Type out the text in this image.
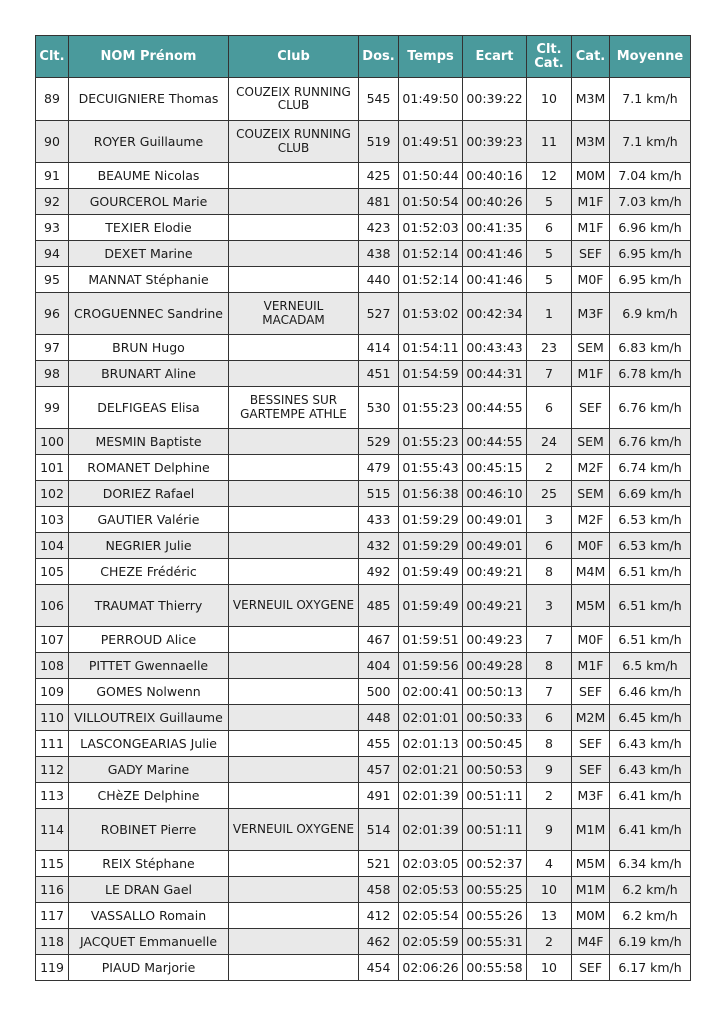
Clt.	NOM Prénom	Club	Dos.	Temps	Ecart	Clt. Cat.	Cat.	Moyenne
89	DECUIGNIERE Thomas	COUZEIX RUNNING CLUB	545	01:49:50	00:39:22	10	M3M	7.1 km/h
90	ROYER Guillaume	COUZEIX RUNNING CLUB	519	01:49:51	00:39:23	11	M3M	7.1 km/h
91	BEAUME Nicolas		425	01:50:44	00:40:16	12	M0M	7.04 km/h
92	GOURCEROL Marie		481	01:50:54	00:40:26	5	M1F	7.03 km/h
93	TEXIER Elodie		423	01:52:03	00:41:35	6	M1F	6.96 km/h
94	DEXET Marine		438	01:52:14	00:41:46	5	SEF	6.95 km/h
95	MANNAT Stéphanie		440	01:52:14	00:41:46	5	M0F	6.95 km/h
96	CROGUENNEC Sandrine	VERNEUIL MACADAM	527	01:53:02	00:42:34	1	M3F	6.9 km/h
97	BRUN Hugo		414	01:54:11	00:43:43	23	SEM	6.83 km/h
98	BRUNART Aline		451	01:54:59	00:44:31	7	M1F	6.78 km/h
99	DELFIGEAS Elisa	BESSINES SUR GARTEMPE ATHLE	530	01:55:23	00:44:55	6	SEF	6.76 km/h
100	MESMIN Baptiste		529	01:55:23	00:44:55	24	SEM	6.76 km/h
101	ROMANET Delphine		479	01:55:43	00:45:15	2	M2F	6.74 km/h
102	DORIEZ Rafael		515	01:56:38	00:46:10	25	SEM	6.69 km/h
103	GAUTIER Valérie		433	01:59:29	00:49:01	3	M2F	6.53 km/h
104	NEGRIER Julie		432	01:59:29	00:49:01	6	M0F	6.53 km/h
105	CHEZE Frédéric		492	01:59:49	00:49:21	8	M4M	6.51 km/h
106	TRAUMAT Thierry	VERNEUIL OXYGENE	485	01:59:49	00:49:21	3	M5M	6.51 km/h
107	PERROUD Alice		467	01:59:51	00:49:23	7	M0F	6.51 km/h
108	PITTET Gwennaelle		404	01:59:56	00:49:28	8	M1F	6.5 km/h
109	GOMES Nolwenn		500	02:00:41	00:50:13	7	SEF	6.46 km/h
110	VILLOUTREIX Guillaume		448	02:01:01	00:50:33	6	M2M	6.45 km/h
111	LASCONGEARIAS Julie		455	02:01:13	00:50:45	8	SEF	6.43 km/h
112	GADY Marine		457	02:01:21	00:50:53	9	SEF	6.43 km/h
113	CHèZE Delphine		491	02:01:39	00:51:11	2	M3F	6.41 km/h
114	ROBINET Pierre	VERNEUIL OXYGENE	514	02:01:39	00:51:11	9	M1M	6.41 km/h
115	REIX Stéphane		521	02:03:05	00:52:37	4	M5M	6.34 km/h
116	LE DRAN Gael		458	02:05:53	00:55:25	10	M1M	6.2 km/h
117	VASSALLO Romain		412	02:05:54	00:55:26	13	M0M	6.2 km/h
118	JACQUET Emmanuelle		462	02:05:59	00:55:31	2	M4F	6.19 km/h
119	PIAUD Marjorie		454	02:06:26	00:55:58	10	SEF	6.17 km/h
